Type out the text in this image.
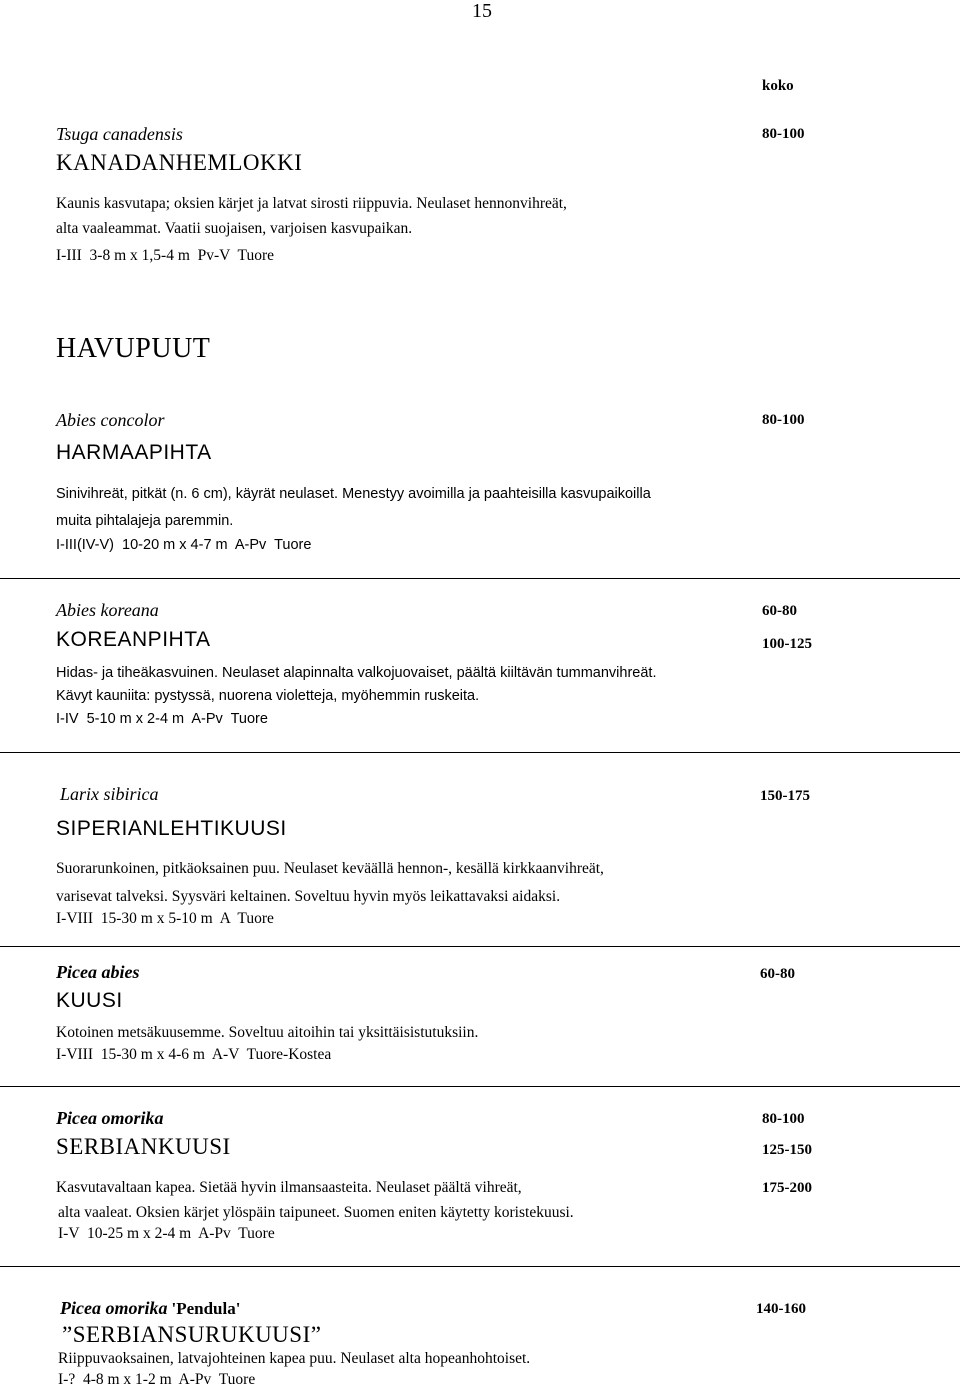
15
koko
Tsuga canadensis	80-100
KANADANHEMLOKKI
Kaunis kasvutapa; oksien kärjet ja latvat sirosti riippuvia. Neulaset hennonvihreät,
alta vaaleammat. Vaatii suojaisen, varjoisen kasvupaikan.
I-III  3-8 m x 1,5-4 m  Pv-V  Tuore
HAVUPUUT
Abies concolor	80-100
HARMAAPIHTA
Sinivihreät, pitkät (n. 6 cm), käyrät neulaset. Menestyy avoimilla ja paahteisilla kasvupaikoilla
muita pihtalajeja paremmin.
I-III(IV-V)  10-20 m x 4-7 m  A-Pv  Tuore
Abies koreana	60-80
KOREANPIHTA	100-125
Hidas- ja tiheäkasvuinen. Neulaset alapinnalta valkojuovaiset, päältä kiiltävän tummanvihreät.
Kävyt kauniita: pystyssä, nuorena violetteja, myöhemmin ruskeita.
I-IV  5-10 m x 2-4 m  A-Pv  Tuore
Larix sibirica	150-175
SIPERIANLEHTIKUUSI
Suorarunkoinen, pitkäoksainen puu. Neulaset keväällä hennon-, kesällä kirkkaanvihreät,
varisevat talveksi. Syysväri keltainen. Soveltuu hyvin myös leikattavaksi aidaksi.
I-VIII  15-30 m x 5-10 m  A  Tuore
Picea abies	60-80
KUUSI
Kotoinen metsäkuusemme. Soveltuu aitoihin tai yksittäisistutuksiin.
I-VIII  15-30 m x 4-6 m  A-V  Tuore-Kostea
Picea omorika	80-100
SERBIANKUUSI	125-150
Kasvutavaltaan kapea. Sietää hyvin ilmansaasteita. Neulaset päältä vihreät,	175-200
alta vaaleat. Oksien kärjet ylöspäin taipuneet. Suomen eniten käytetty koristekuusi.
I-V  10-25 m x 2-4 m  A-Pv  Tuore
Picea omorika 'Pendula'	140-160
”SERBIANSURUKUUSI”
Riippuvaoksainen, latvajohteinen kapea puu. Neulaset alta hopeanhohtoiset.
I-?  4-8 m x 1-2 m  A-Pv  Tuore
